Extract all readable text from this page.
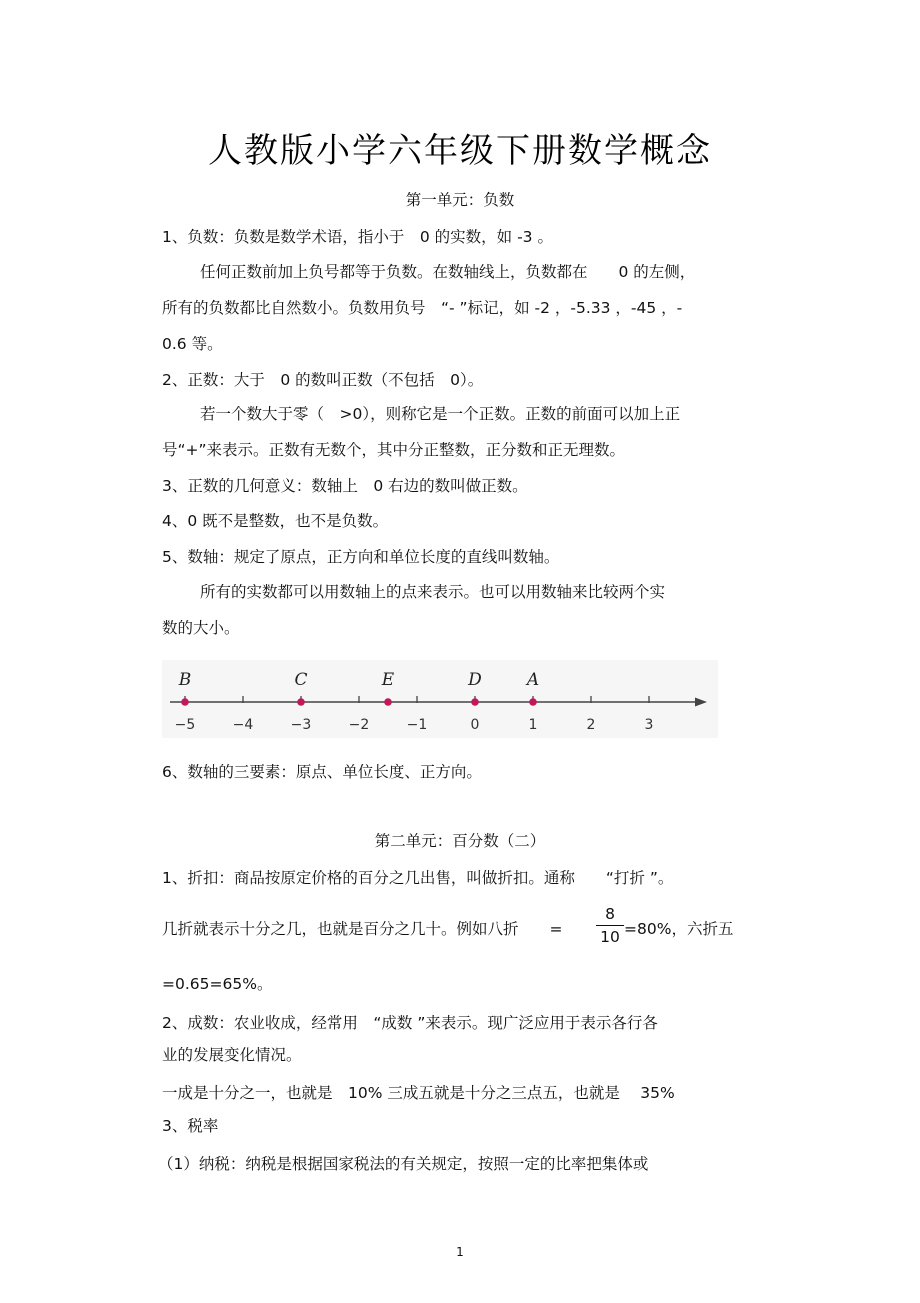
人教版小学六年级下册数学概念
第一单元：负数
1、负数：负数是数学术语，指小于　0 的实数，如 -3 。
任何正数前加上负号都等于负数。在数轴线上，负数都在　　0 的左侧，
所有的负数都比自然数小。负数用负号　“- ”标记，如 -2 ，-5.33 ，-45 ，-
0.6 等。
2、正数：大于　0 的数叫正数（不包括　0）。
若一个数大于零（　>0），则称它是一个正数。正数的前面可以加上正
号“+”来表示。正数有无数个，其中分正整数，正分数和正无理数。
3、正数的几何意义：数轴上　0 右边的数叫做正数。
4、0 既不是整数，也不是负数。
5、数轴：规定了原点，正方向和单位长度的直线叫数轴。
所有的实数都可以用数轴上的点来表示。也可以用数轴来比较两个实
数的大小。
−5	−4	−3	−2	−1	0	1	2	3
B	C	E	D	A
6、数轴的三要素：原点、单位长度、正方向。
第二单元：百分数（二）
1、折扣：商品按原定价格的百分之几出售，叫做折扣。通称　　“打折 ”。
几折就表示十分之几，也就是百分之几十。例如八折　　=
8
10 =80%，六折五
=0.65=65%。
2、成数：农业收成，经常用　“成数 ”来表示。现广泛应用于表示各行各
业的发展变化情况。
一成是十分之一，也就是　10% 三成五就是十分之三点五，也就是　 35%
3、税率
（1）纳税：纳税是根据国家税法的有关规定，按照一定的比率把集体或
1
